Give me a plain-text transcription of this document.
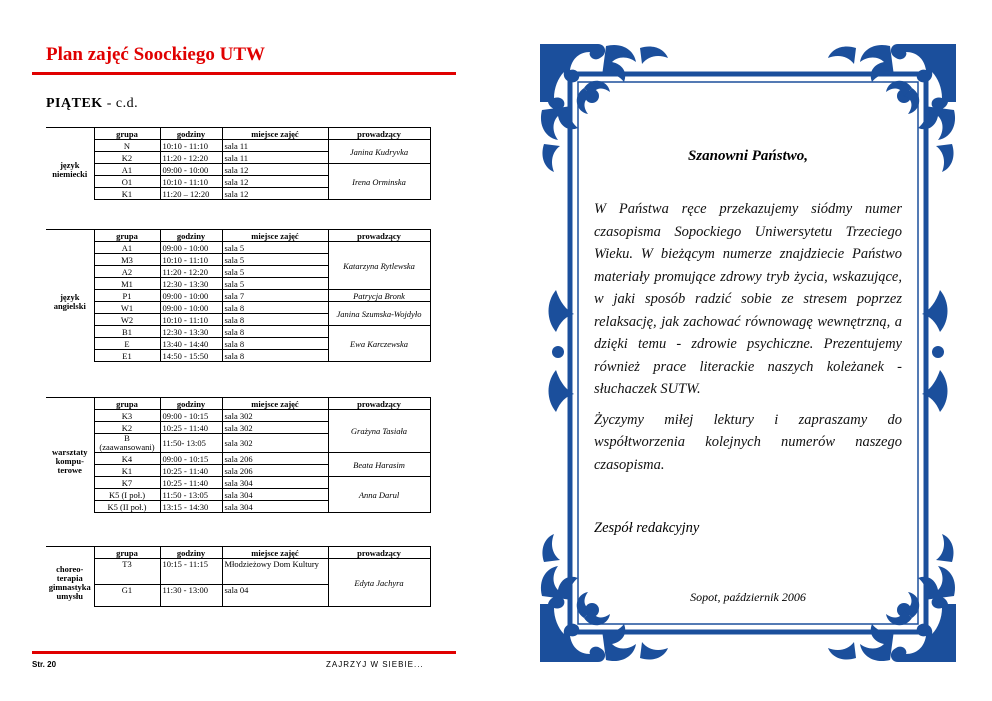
Plan zajęć Soockiego UTW
PIĄTEK - c.d.
	grupa	godziny	miejsce zajęć	prowadzący
język niemiecki	N	10:10 - 11:10	sala 11	Janina Kudryvka
	K2	11:20 - 12:20	sala 11	
	A1	09:00 - 10:00	sala 12	Irena Orminska
	O1	10:10 - 11:10	sala 12	
	K1	11:20 – 12:20	sala 12	
	grupa	godziny	miejsce zajęć	prowadzący
język angielski	A1	09:00 - 10:00	sala 5	Katarzyna Rytlewska
	M3	10:10 - 11:10	sala 5	
	A2	11:20 - 12:20	sala 5	
	M1	12:30 - 13:30	sala 5	
	P1	09:00 - 10:00	sala 7	Patrycja Bronk
	W1	09:00 - 10:00	sala 8	Janina Szumska-Wojdyło
	W2	10:10 - 11:10	sala 8	
	B1	12:30 - 13:30	sala 8	Ewa Karczewska
	E	13:40 - 14:40	sala 8	
	E1	14:50 - 15:50	sala 8	
	grupa	godziny	miejsce zajęć	prowadzący
warsztaty kompu-terowe	K3	09:00 - 10:15	sala 302	Grażyna Tasiała
	K2	10:25 - 11:40	sala 302	
	B (zaawansowani)	11:50- 13:05	sala 302	
	K4	09:00 - 10:15	sala 206	Beata Harasim
	K1	10:25 - 11:40	sala 206	
	K7	10:25 - 11:40	sala 304	Anna Darul
	K5 (I poł.)	11:50 - 13:05	sala 304	
	K5 (II poł.)	13:15 - 14:30	sala 304	
	grupa	godziny	miejsce zajęć	prowadzący
choreo-terapia gimnastyka umysłu	T3	10:15 - 11:15	Młodzieżowy Dom Kultury	Edyta Jachyra
	G1	11:30 - 13:00	sala 04	
Str. 20	ZAJRZYJ W SIEBIE...
Szanowni Państwo,

W Państwa ręce przekazujemy siódmy numer czasopisma Sopockiego Uniwersytetu Trzeciego Wieku. W bieżącym numerze znajdziecie Państwo materiały promujące zdrowy tryb życia, wskazujące, w jaki sposób radzić sobie ze stresem poprzez relaksację, jak zachować równowagę wewnętrzną, a dzięki temu - zdrowie psychiczne. Prezentujemy również prace literackie naszych koleżanek - słuchaczek SUTW.

Życzymy miłej lektury i zapraszamy do współtworzenia kolejnych numerów naszego czasopisma.

Zespół redakcyjny
Sopot, październik 2006
